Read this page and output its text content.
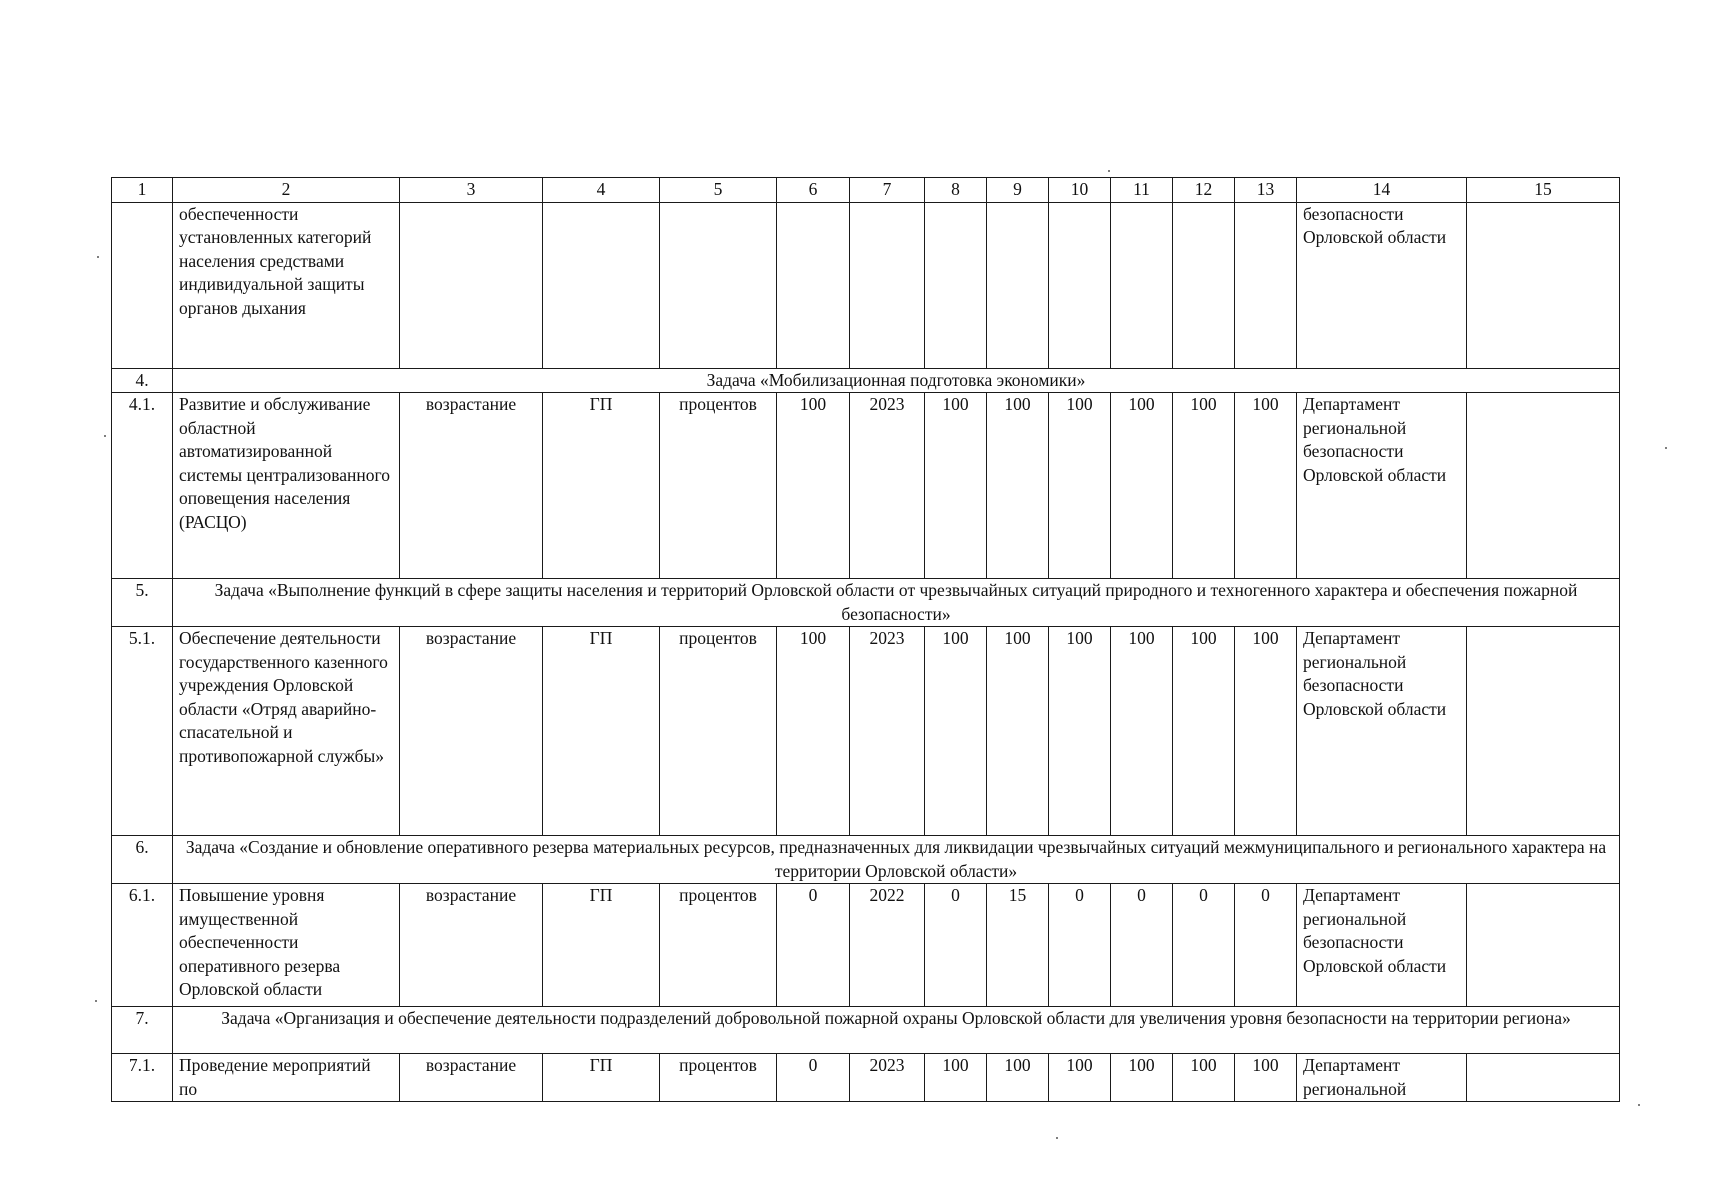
1	2	3	4	5	6	7	8	9	10	11	12	13	14	15
	обеспеченности установленных категорий населения средствами индивидуальной защиты органов дыхания												безопасности Орловской области	
4.	Задача «Мобилизационная подготовка экономики»													
4.1.	Развитие и обслуживание областной автоматизированной системы централизованного оповещения населения (РАСЦО)	возрастание	ГП	процентов	100	2023	100	100	100	100	100	100	Департамент региональной безопасности Орловской области	
5.	Задача «Выполнение функций в сфере защиты населения и территорий Орловской области от чрезвычайных ситуаций природного и техногенного характера и обеспечения пожарной безопасности»													
5.1.	Обеспечение деятельности государственного казенного учреждения Орловской области «Отряд аварийно-спасательной и противопожарной службы»	возрастание	ГП	процентов	100	2023	100	100	100	100	100	100	Департамент региональной безопасности Орловской области	
6.	Задача «Создание и обновление оперативного резерва материальных ресурсов, предназначенных для ликвидации чрезвычайных ситуаций межмуниципального и регионального характера на территории Орловской области»													
6.1.	Повышение уровня имущественной обеспеченности оперативного резерва Орловской области	возрастание	ГП	процентов	0	2022	0	15	0	0	0	0	Департамент региональной безопасности Орловской области	
7.	Задача «Организация и обеспечение деятельности подразделений добровольной пожарной охраны Орловской области для увеличения уровня безопасности на территории региона»													
7.1.	Проведение мероприятий по	возрастание	ГП	процентов	0	2023	100	100	100	100	100	100	Департамент региональной	
